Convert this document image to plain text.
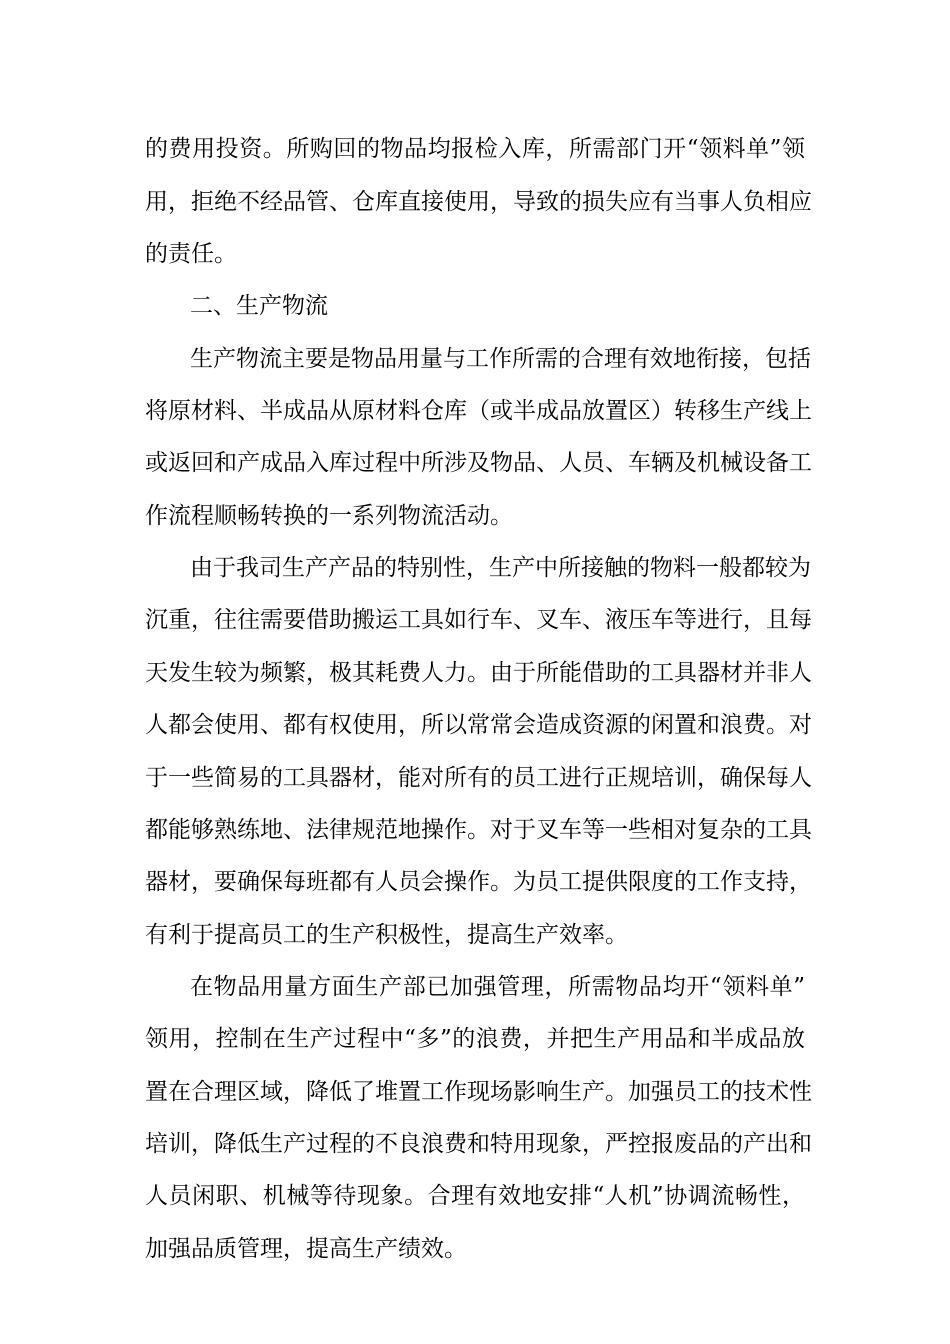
的费用投资。所购回的物品均报检入库，所需部门开“领料单”领
用，拒绝不经品管、仓库直接使用，导致的损失应有当事人负相应
的责任。
二、生产物流
生产物流主要是物品用量与工作所需的合理有效地衔接，包括
将原材料、半成品从原材料仓库（或半成品放置区）转移生产线上
或返回和产成品入库过程中所涉及物品、人员、车辆及机械设备工
作流程顺畅转换的一系列物流活动。
由于我司生产产品的特别性，生产中所接触的物料一般都较为
沉重，往往需要借助搬运工具如行车、叉车、液压车等进行，且每
天发生较为频繁，极其耗费人力。由于所能借助的工具器材并非人
人都会使用、都有权使用，所以常常会造成资源的闲置和浪费。对
于一些简易的工具器材，能对所有的员工进行正规培训，确保每人
都能够熟练地、法律规范地操作。对于叉车等一些相对复杂的工具
器材，要确保每班都有人员会操作。为员工提供限度的工作支持，
有利于提高员工的生产积极性，提高生产效率。
在物品用量方面生产部已加强管理，所需物品均开“领料单”
领用，控制在生产过程中“多”的浪费，并把生产用品和半成品放
置在合理区域，降低了堆置工作现场影响生产。加强员工的技术性
培训，降低生产过程的不良浪费和特用现象，严控报废品的产出和
人员闲职、机械等待现象。合理有效地安排“人机”协调流畅性，
加强品质管理，提高生产绩效。
